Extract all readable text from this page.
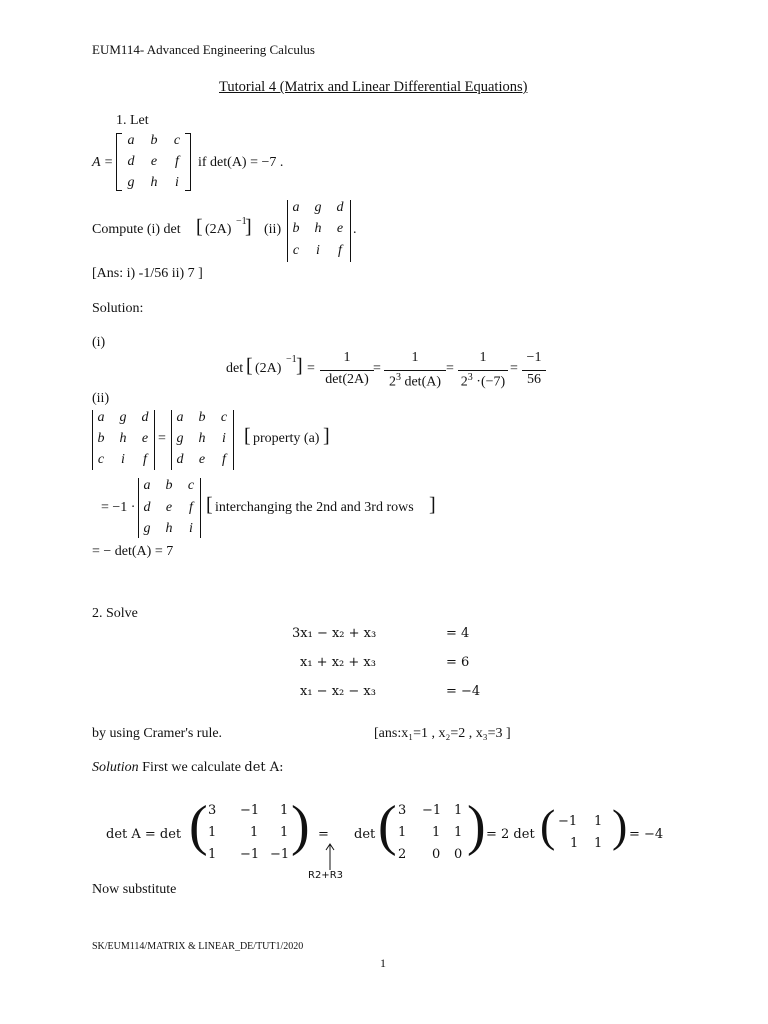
EUM114- Advanced Engineering Calculus
Tutorial 4 (Matrix and Linear Differential Equations)
1. Let
A =
a	b	c
d	e	f
g	h	i
if det(A) = −7 .
Compute (i) det [ (2A)
−1
] (ii)
a	g	d
b	h	e
c	i	f
.
[Ans: i) -1/56 ii) 7 ]
Solution:
(i)
det [ (2A)
−1 ] =
1
det(2A)
=
1
$2^3$ det(A)
=
1
$2^3 \cdot(-7)$
=
−1
56
(ii)
a	g	d
b	h	e
c	i	f
=
a	b	c
g	h	i
d	e	f
[ property (a) ]
= −1 ·
a	b	c
d	e	f
g	h	i
[ interchanging the 2nd and 3rd rows ]
= − det(A) = 7
2. Solve
3x₁ − x₂ + x₃	= 4
x₁ + x₂ + x₃	= 6
x₁ − x₂ − x₃	= −4
by using Cramer's rule.	[ans:x₁=1 , x₂=2 , x₃=3 ]
Solution First we calculate det A:
det A = det ( 3 −1 1
1	1 1
1 −1 −1 ) =
R2+R3
det ( 3 −1 1
1 1 1
2 0 0 ) = 2 det ( −1 1
1 1 ) = −4
Now substitute
SK/EUM114/MATRIX & LINEAR_DE/TUT1/2020
1
